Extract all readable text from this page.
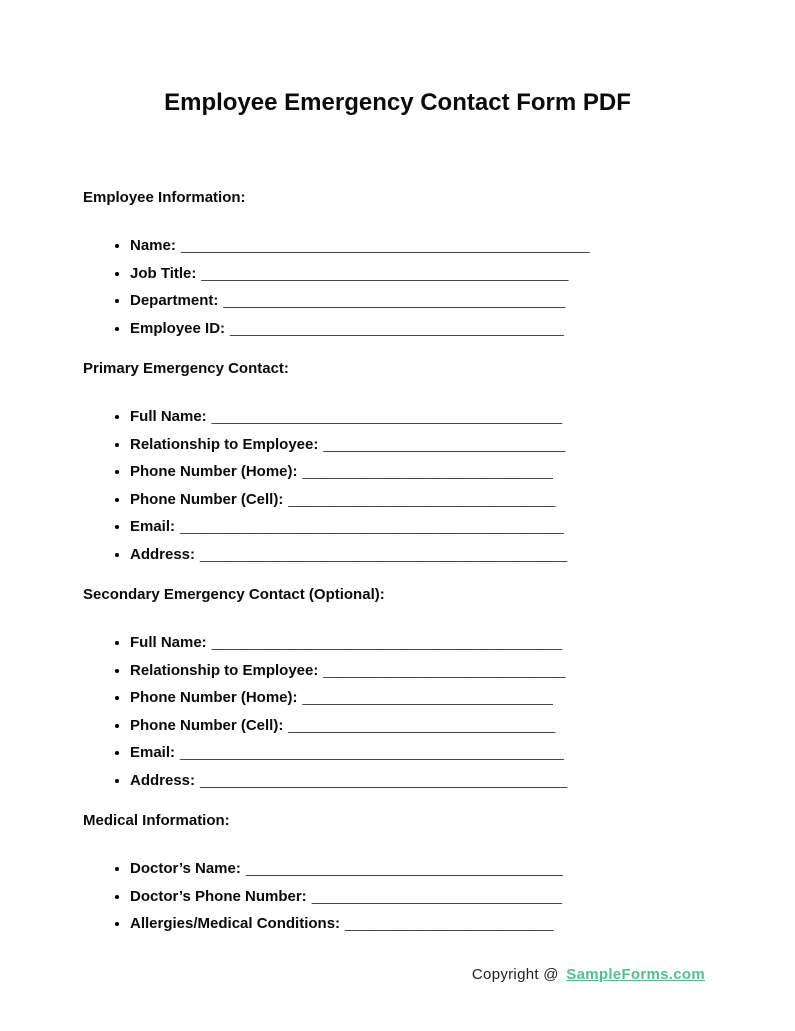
Employee Emergency Contact Form PDF
Employee Information:
• Name: _________________________________________________
• Job Title: ____________________________________________
• Department: _________________________________________
• Employee ID: ________________________________________
Primary Emergency Contact:
• Full Name: __________________________________________
• Relationship to Employee: _____________________________
• Phone Number (Home): ______________________________
• Phone Number (Cell): ________________________________
• Email: ______________________________________________
• Address: ____________________________________________
Secondary Emergency Contact (Optional):
• Full Name: __________________________________________
• Relationship to Employee: _____________________________
• Phone Number (Home): ______________________________
• Phone Number (Cell): ________________________________
• Email: ______________________________________________
• Address: ____________________________________________
Medical Information:
• Doctor’s Name: ______________________________________
• Doctor’s Phone Number: ______________________________
• Allergies/Medical Conditions: _________________________
Copyright @ SampleForms.com
